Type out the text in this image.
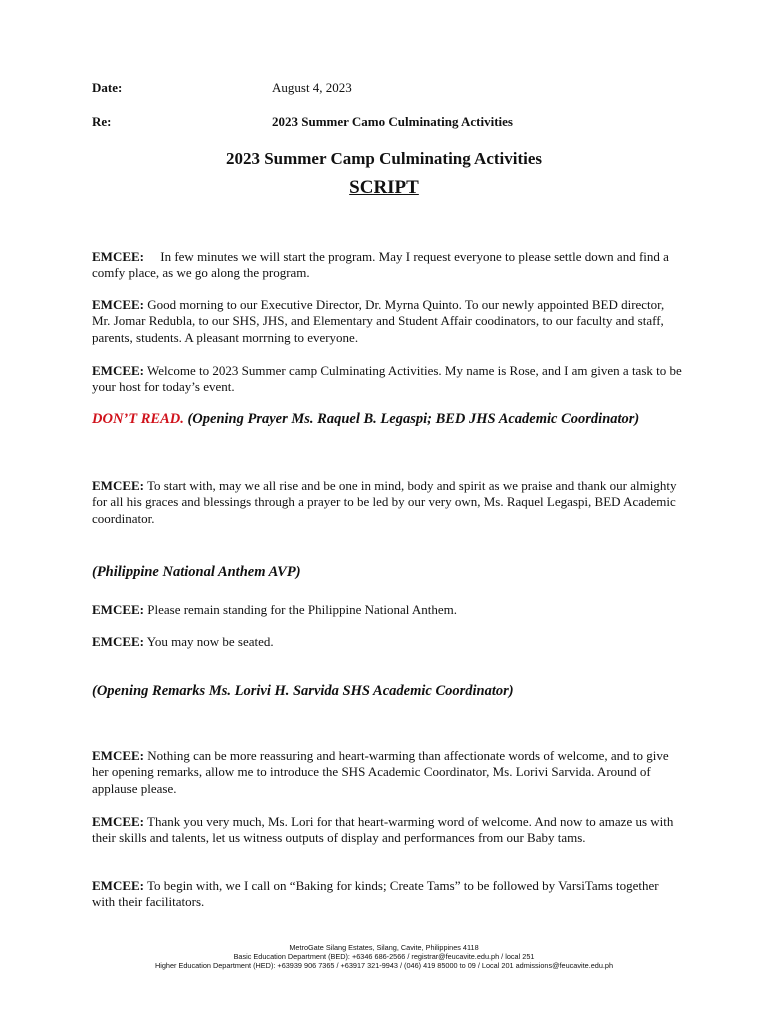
Date:	August 4, 2023
Re:	2023 Summer Camo Culminating Activities
2023 Summer Camp Culminating Activities
SCRIPT
EMCEE: In few minutes we will start the program. May I request everyone to please settle down and find a comfy place, as we go along the program.
EMCEE: Good morning to our Executive Director, Dr. Myrna Quinto. To our newly appointed BED director, Mr. Jomar Redubla, to our SHS, JHS, and Elementary and Student Affair coodinators, to our faculty and staff, parents, students. A pleasant morrning to everyone.
EMCEE: Welcome to 2023 Summer camp Culminating Activities. My name is Rose, and I am given a task to be your host for today’s event.
DON’T READ. (Opening Prayer Ms. Raquel B. Legaspi; BED JHS Academic Coordinator)
EMCEE: To start with, may we all rise and be one in mind, body and spirit as we praise and thank our almighty for all his graces and blessings through a prayer to be led by our very own, Ms. Raquel Legaspi, BED Academic coordinator.
(Philippine National Anthem AVP)
EMCEE: Please remain standing for the Philippine National Anthem.
EMCEE: You may now be seated.
(Opening Remarks Ms. Lorivi H. Sarvida SHS Academic Coordinator)
EMCEE: Nothing can be more reassuring and heart-warming than affectionate words of welcome, and to give her opening remarks, allow me to introduce the SHS Academic Coordinator, Ms. Lorivi Sarvida. Around of applause please.
EMCEE: Thank you very much, Ms. Lori for that heart-warming word of welcome. And now to amaze us with their skills and talents, let us witness outputs of display and performances from our Baby tams.
EMCEE: To begin with, we I call on “Baking for kinds; Create Tams” to be followed by VarsiTams together with their facilitators.
MetroGate Silang Estates, Silang, Cavite, Philippines 4118
Basic Education Department (BED): +6346 686-2566 / registrar@feucavite.edu.ph / local 251
Higher Education Department (HED): +63939 906 7365 / +63917 321-9943 / (046) 419 85000 to 09 / Local 201 admissions@feucavite.edu.ph
